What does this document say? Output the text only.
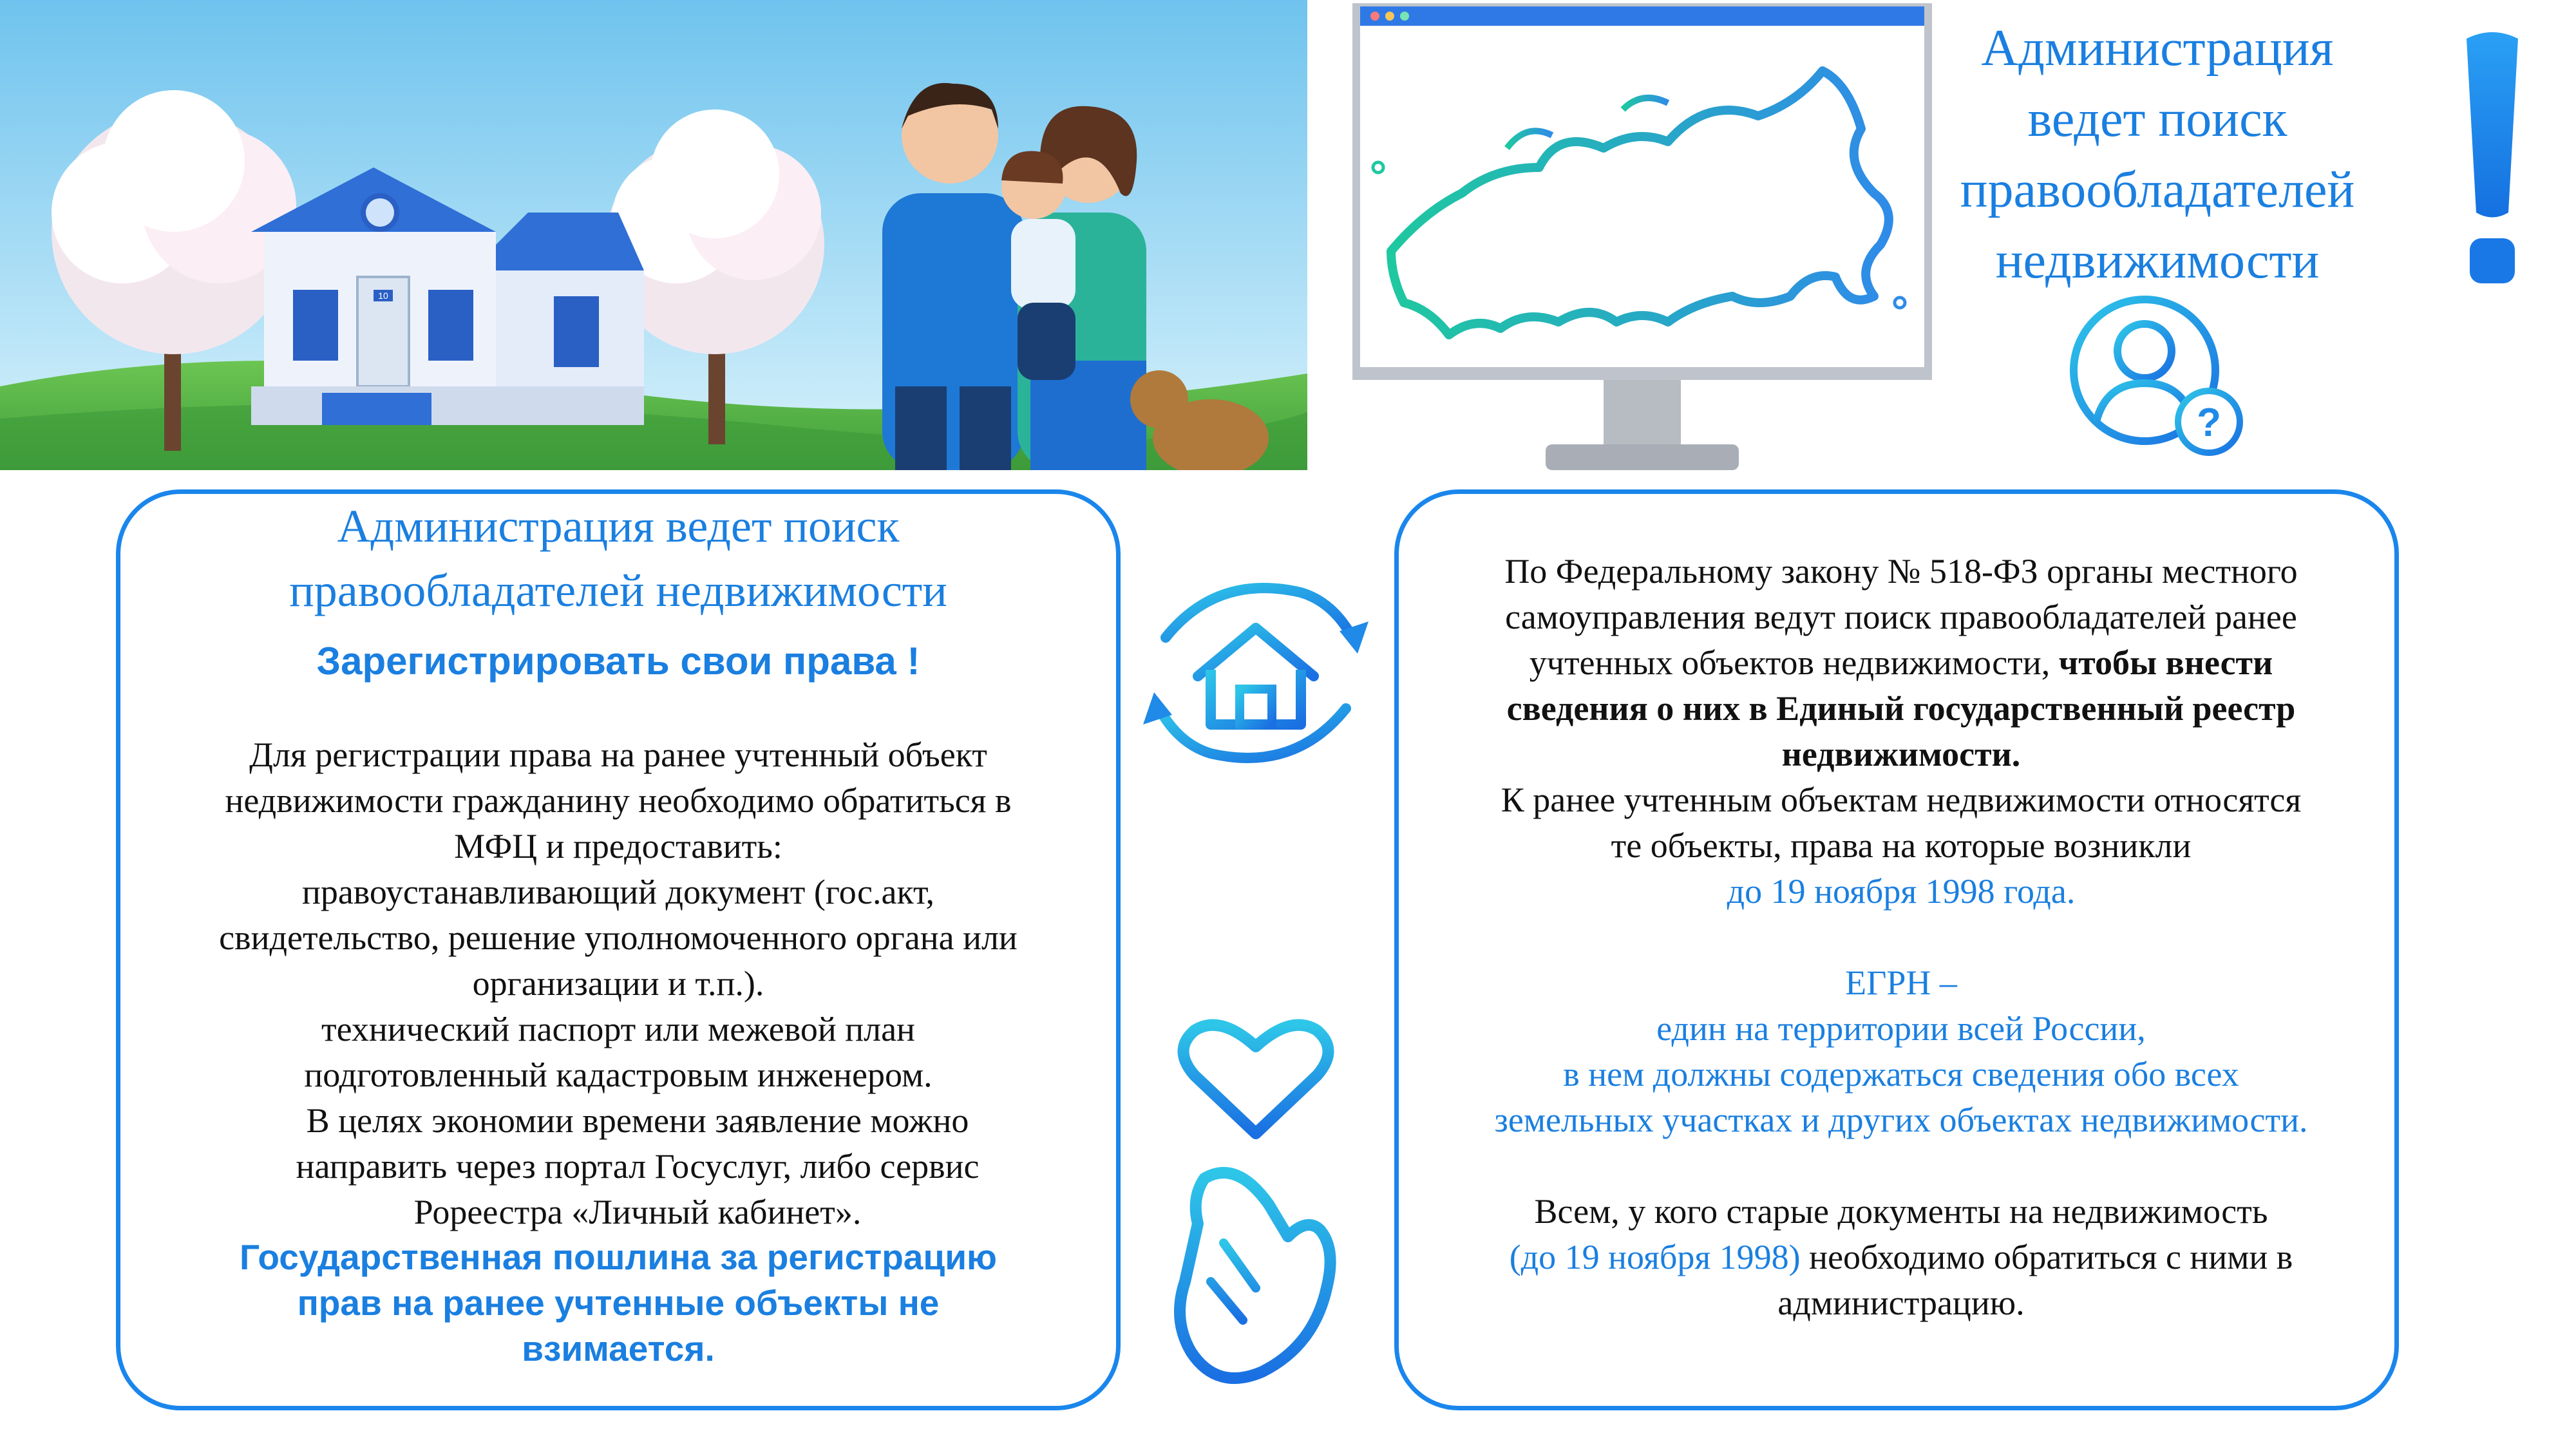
10
Администрация
ведет поиск
правообладателей
недвижимости
?
Администрация ведет поиск
правообладателей недвижимости
Зарегистрировать свои права !
Для регистрации права на ранее учтенный объект
недвижимости гражданину необходимо обратиться в
МФЦ и предоставить:
правоустанавливающий документ (гос.акт,
свидетельство, решение уполномоченного органа или
организации и т.п.).
технический паспорт или межевой план
подготовленный кадастровым инженером.
В целях экономии времени заявление можно
направить через портал Госуслуг, либо сервис
Рореестра «Личный кабинет».
Государственная пошлина за регистрацию
прав на ранее учтенные объекты не
взимается.
По Федеральному закону № 518-ФЗ органы местного
самоуправления ведут поиск правообладателей ранее
учтенных объектов недвижимости, чтобы внести
сведения о них в Единый государственный реестр
недвижимости.
К ранее учтенным объектам недвижимости относятся
те объекты, права на которые возникли
до 19 ноября 1998 года.
ЕГРН –
един на территории всей России,
в нем должны содержаться сведения обо всех
земельных участках и других объектах недвижимости.
Всем, у кого старые документы на недвижимость
(до 19 ноября 1998) необходимо обратиться с ними в
администрацию.
